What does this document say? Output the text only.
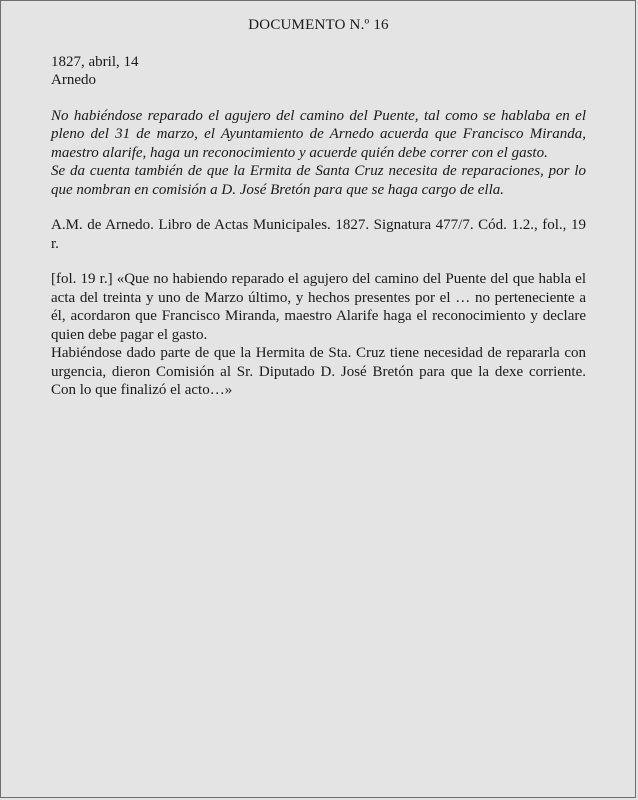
DOCUMENTO N.º 16

1827, abril, 14

Arnedo

No habiéndose reparado el agujero del camino del Puente, tal como se hablaba en el pleno del 31 de marzo, el Ayuntamiento de Arnedo acuerda que Francisco Miranda, maestro alarife, haga un reconocimiento y acuerde quién debe correr con el gasto.

Se da cuenta también de que la Ermita de Santa Cruz necesita de reparaciones, por lo que nombran en comisión a D. José Bretón para que se haga cargo de ella.

A.M. de Arnedo. Libro de Actas Municipales. 1827. Signatura 477/7. Cód. 1.2., fol., 19 r.

[fol. 19 r.] «Que no habiendo reparado el agujero del camino del Puente del que habla el acta del treinta y uno de Marzo último, y hechos presentes por el … no perteneciente a él, acordaron que Francisco Miranda, maestro Alarife haga el reconocimiento y declare quien debe pagar el gasto.

Habiéndose dado parte de que la Hermita de Sta. Cruz tiene necesidad de repararla con urgencia, dieron Comisión al Sr. Diputado D. José Bretón para que la dexe corriente. Con lo que finalizó el acto…»
